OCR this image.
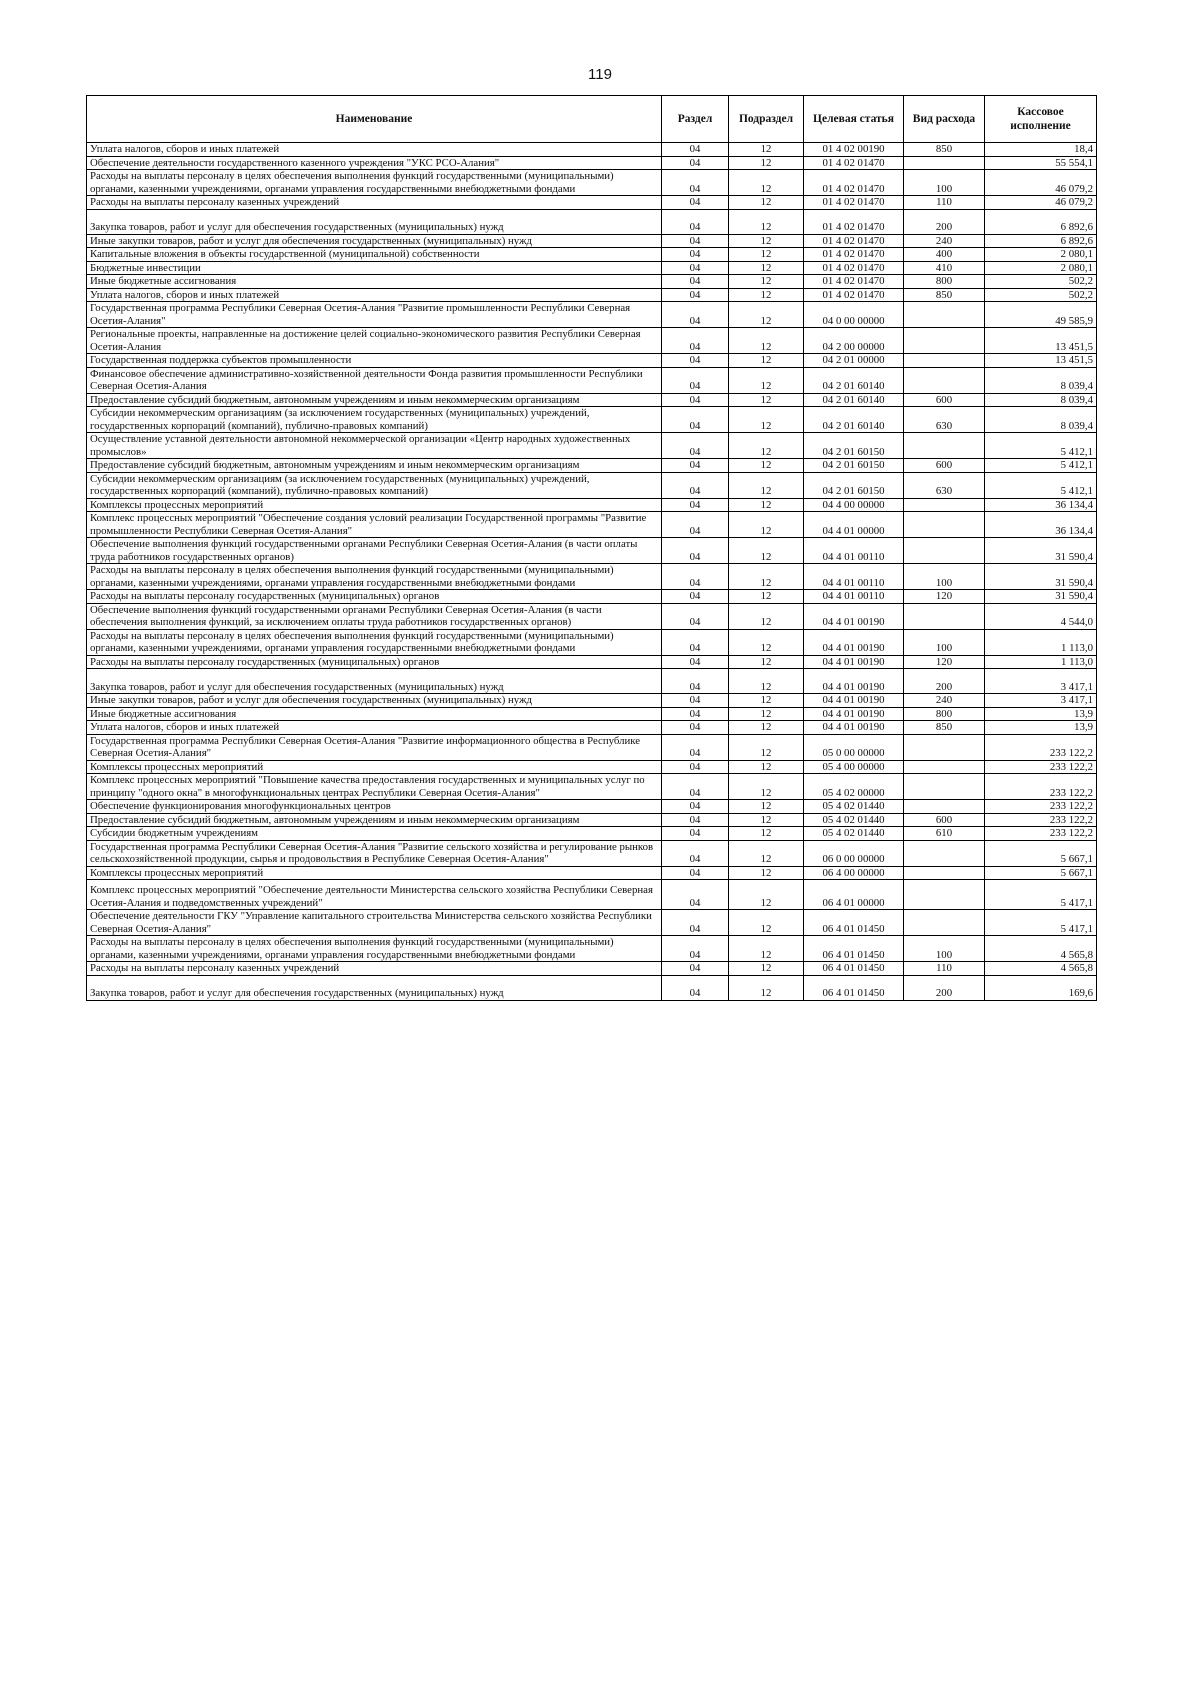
119
Наименование	Раздел	Подраздел	Целевая статья	Вид расхода	Кассовое исполнение
Уплата налогов, сборов и иных платежей	04	12	01 4 02 00190	850	18,4
Обеспечение деятельности государственного казенного учреждения "УКС РСО-Алания"	04	12	01 4 02 01470		55 554,1
Расходы на выплаты персоналу в целях обеспечения выполнения функций государственными (муниципальными) органами, казенными учреждениями, органами управления государственными внебюджетными фондами	04	12	01 4 02 01470	100	46 079,2
Расходы на выплаты персоналу казенных учреждений	04	12	01 4 02 01470	110	46 079,2
Закупка товаров, работ и услуг для обеспечения государственных (муниципальных) нужд	04	12	01 4 02 01470	200	6 892,6
Иные закупки товаров, работ и услуг для обеспечения государственных (муниципальных) нужд	04	12	01 4 02 01470	240	6 892,6
Капитальные вложения в объекты государственной (муниципальной) собственности	04	12	01 4 02 01470	400	2 080,1
Бюджетные инвестиции	04	12	01 4 02 01470	410	2 080,1
Иные бюджетные ассигнования	04	12	01 4 02 01470	800	502,2
Уплата налогов, сборов и иных платежей	04	12	01 4 02 01470	850	502,2
Государственная программа Республики Северная Осетия-Алания "Развитие промышленности Республики Северная Осетия-Алания"	04	12	04 0 00 00000		49 585,9
Региональные проекты, направленные на достижение целей социально-экономического развития Республики Северная Осетия-Алания	04	12	04 2 00 00000		13 451,5
Государственная поддержка субъектов промышленности	04	12	04 2 01 00000		13 451,5
Финансовое обеспечение административно-хозяйственной деятельности Фонда развития промышленности Республики Северная Осетия-Алания	04	12	04 2 01 60140		8 039,4
Предоставление субсидий бюджетным, автономным учреждениям и иным некоммерческим организациям	04	12	04 2 01 60140	600	8 039,4
Субсидии некоммерческим организациям (за исключением государственных (муниципальных) учреждений, государственных корпораций (компаний), публично-правовых компаний)	04	12	04 2 01 60140	630	8 039,4
Осуществление уставной деятельности автономной некоммерческой организации «Центр народных художественных промыслов»	04	12	04 2 01 60150		5 412,1
Предоставление субсидий бюджетным, автономным учреждениям и иным некоммерческим организациям	04	12	04 2 01 60150	600	5 412,1
Субсидии некоммерческим организациям (за исключением государственных (муниципальных) учреждений, государственных корпораций (компаний), публично-правовых компаний)	04	12	04 2 01 60150	630	5 412,1
Комплексы процессных мероприятий	04	12	04 4 00 00000		36 134,4
Комплекс процессных мероприятий "Обеспечение создания условий реализации Государственной программы "Развитие промышленности Республики Северная Осетия-Алания"	04	12	04 4 01 00000		36 134,4
Обеспечение выполнения функций государственными органами Республики Северная Осетия-Алания (в части оплаты труда работников государственных органов)	04	12	04 4 01 00110		31 590,4
Расходы на выплаты персоналу в целях обеспечения выполнения функций государственными (муниципальными) органами, казенными учреждениями, органами управления государственными внебюджетными фондами	04	12	04 4 01 00110	100	31 590,4
Расходы на выплаты персоналу государственных (муниципальных) органов	04	12	04 4 01 00110	120	31 590,4
Обеспечение выполнения функций государственными органами Республики Северная Осетия-Алания (в части обеспечения выполнения функций, за исключением оплаты труда работников государственных органов)	04	12	04 4 01 00190		4 544,0
Расходы на выплаты персоналу в целях обеспечения выполнения функций государственными (муниципальными) органами, казенными учреждениями, органами управления государственными внебюджетными фондами	04	12	04 4 01 00190	100	1 113,0
Расходы на выплаты персоналу государственных (муниципальных) органов	04	12	04 4 01 00190	120	1 113,0
Закупка товаров, работ и услуг для обеспечения государственных (муниципальных) нужд	04	12	04 4 01 00190	200	3 417,1
Иные закупки товаров, работ и услуг для обеспечения государственных (муниципальных) нужд	04	12	04 4 01 00190	240	3 417,1
Иные бюджетные ассигнования	04	12	04 4 01 00190	800	13,9
Уплата налогов, сборов и иных платежей	04	12	04 4 01 00190	850	13,9
Государственная программа Республики Северная Осетия-Алания "Развитие информационного общества в Республике Северная Осетия-Алания"	04	12	05 0 00 00000		233 122,2
Комплексы процессных мероприятий	04	12	05 4 00 00000		233 122,2
Комплекс процессных мероприятий "Повышение качества предоставления государственных и муниципальных услуг по принципу "одного окна" в многофункциональных центрах Республики Северная Осетия-Алания"	04	12	05 4 02 00000		233 122,2
Обеспечение функционирования многофункциональных центров	04	12	05 4 02 01440		233 122,2
Предоставление субсидий бюджетным, автономным учреждениям и иным некоммерческим организациям	04	12	05 4 02 01440	600	233 122,2
Субсидии бюджетным учреждениям	04	12	05 4 02 01440	610	233 122,2
Государственная программа Республики Северная Осетия-Алания "Развитие сельского хозяйства и регулирование рынков сельскохозяйственной продукции, сырья и продовольствия в Республике Северная Осетия-Алания"	04	12	06 0 00 00000		5 667,1
Комплексы процессных мероприятий	04	12	06 4 00 00000		5 667,1
Комплекс процессных мероприятий "Обеспечение деятельности Министерства сельского хозяйства Республики Северная Осетия-Алания и подведомственных учреждений"	04	12	06 4 01 00000		5 417,1
Обеспечение деятельности ГКУ "Управление капитального строительства Министерства сельского хозяйства Республики Северная Осетия-Алания"	04	12	06 4 01 01450		5 417,1
Расходы на выплаты персоналу в целях обеспечения выполнения функций государственными (муниципальными) органами, казенными учреждениями, органами управления государственными внебюджетными фондами	04	12	06 4 01 01450	100	4 565,8
Расходы на выплаты персоналу казенных учреждений	04	12	06 4 01 01450	110	4 565,8
Закупка товаров, работ и услуг для обеспечения государственных (муниципальных) нужд	04	12	06 4 01 01450	200	169,6
